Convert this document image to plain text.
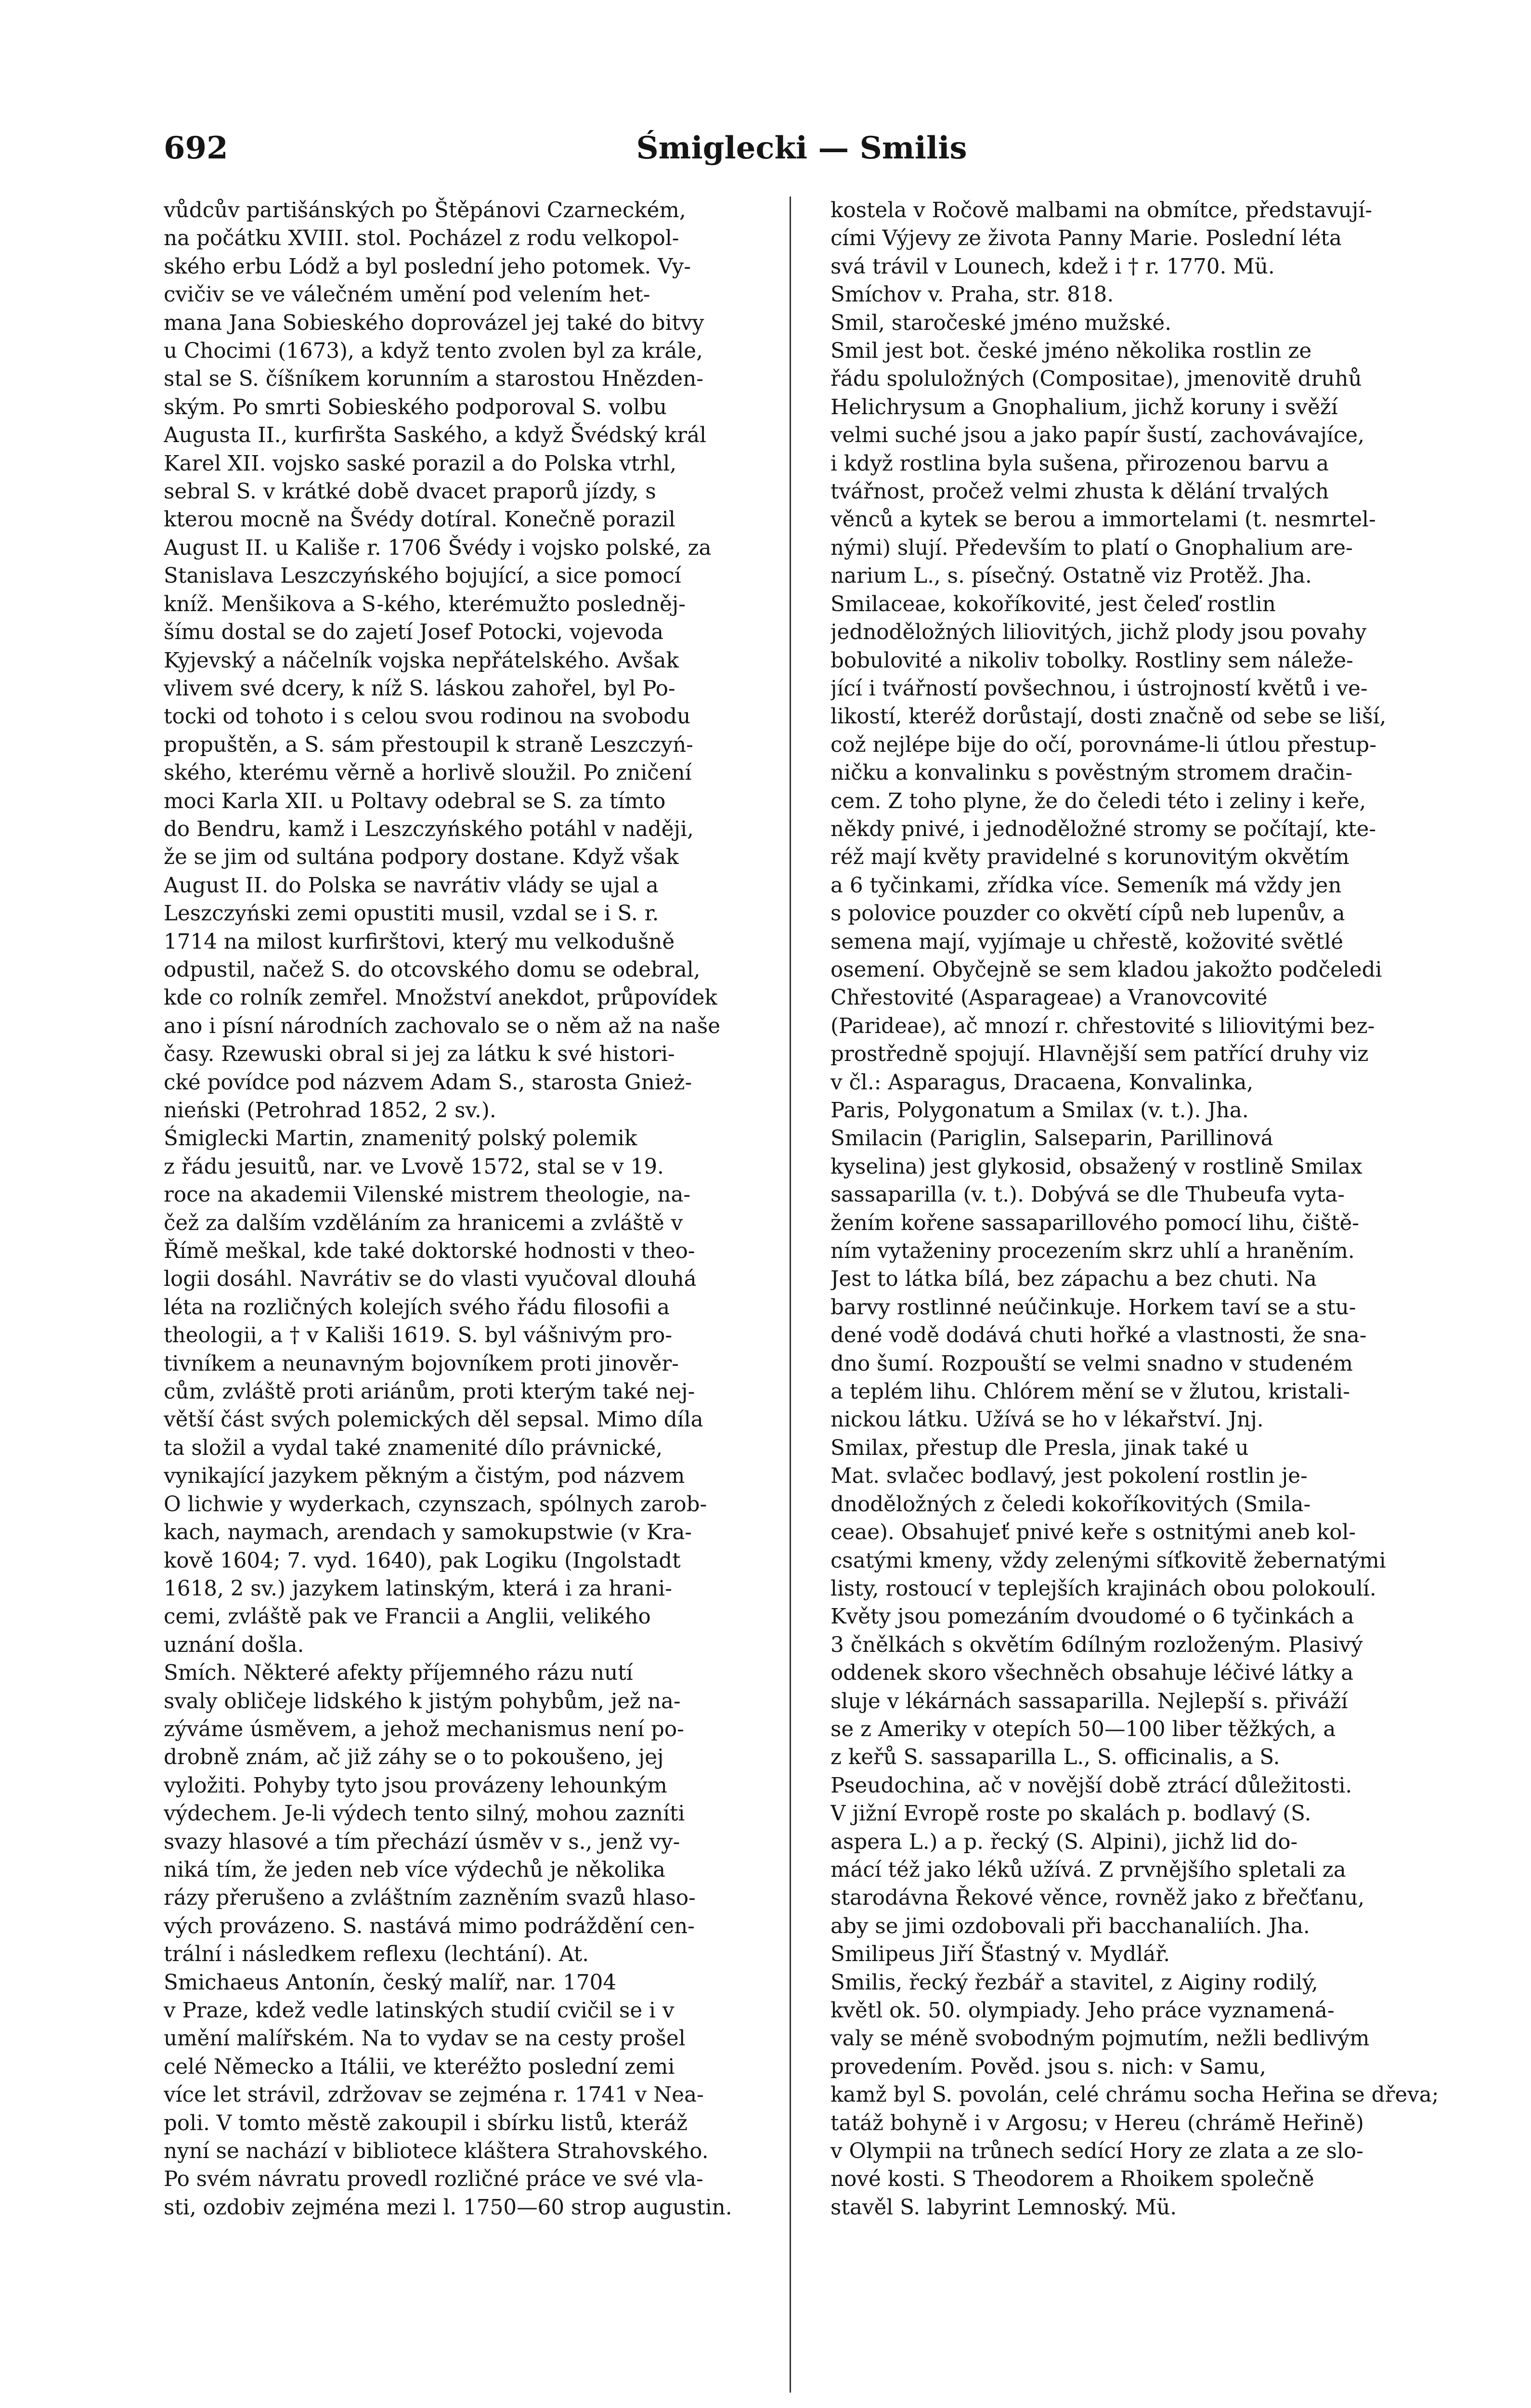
692	Śmiglecki — Smilis
vůdcův partišánských po Štěpánovi Czarneckém,
na počátku XVIII. stol. Pocházel z rodu velkopol-
ského erbu Lódž a byl poslední jeho potomek. Vy-
cvičiv se ve válečném umění pod velením het-
mana Jana Sobieského doprovázel jej také do bitvy
u Chocimi (1673), a když tento zvolen byl za krále,
stal se S. číšníkem korunním a starostou Hnězden-
ským. Po smrti Sobieského podporoval S. volbu
Augusta II., kurfiršta Saského, a když Švédský král
Karel XII. vojsko saské porazil a do Polska vtrhl,
sebral S. v krátké době dvacet praporů jízdy, s
kterou mocně na Švédy dotíral. Konečně porazil
August II. u Kališe r. 1706 Švédy i vojsko polské, za
Stanislava Leszczyńského bojující, a sice pomocí
kníž. Menšikova a S-kého, kterémužto posledněj-
šímu dostal se do zajetí Josef Potocki, vojevoda
Kyjevský a náčelník vojska nepřátelského. Avšak
vlivem své dcery, k níž S. láskou zahořel, byl Po-
tocki od tohoto i s celou svou rodinou na svobodu
propuštěn, a S. sám přestoupil k straně Leszczyń-
ského, kterému věrně a horlivě sloužil. Po zničení
moci Karla XII. u Poltavy odebral se S. za tímto
do Bendru, kamž i Leszczyńského potáhl v naději,
že se jim od sultána podpory dostane. Když však
August II. do Polska se navrátiv vlády se ujal a
Leszczyński zemi opustiti musil, vzdal se i S. r.
1714 na milost kurfirštovi, který mu velkodušně
odpustil, načež S. do otcovského domu se odebral,
kde co rolník zemřel. Množství anekdot, průpovídek
ano i písní národních zachovalo se o něm až na naše
časy. Rzewuski obral si jej za látku k své histori-
cké povídce pod názvem Adam S., starosta Gnież-
nieński (Petrohrad 1852, 2 sv.).
Śmiglecki Martin, znamenitý polský polemik
z řádu jesuitů, nar. ve Lvově 1572, stal se v 19.
roce na akademii Vilenské mistrem theologie, na-
čež za dalším vzděláním za hranicemi a zvláště v
Římě meškal, kde také doktorské hodnosti v theo-
logii dosáhl. Navrátiv se do vlasti vyučoval dlouhá
léta na rozličných kolejích svého řádu filosofii a
theologii, a † v Kališi 1619. S. byl vášnivým pro-
tivníkem a neunavným bojovníkem proti jinověr-
cům, zvláště proti ariánům, proti kterým také nej-
větší část svých polemických děl sepsal. Mimo díla
ta složil a vydal také znamenité dílo právnické,
vynikající jazykem pěkným a čistým, pod názvem
O lichwie y wyderkach, czynszach, spólnych zarob-
kach, naymach, arendach y samokupstwie (v Kra-
kově 1604; 7. vyd. 1640), pak Logiku (Ingolstadt
1618, 2 sv.) jazykem latinským, která i za hrani-
cemi, zvláště pak ve Francii a Anglii, velikého
uznání došla.
Smích. Některé afekty příjemného rázu nutí
svaly obličeje lidského k jistým pohybům, jež na-
zýváme úsměvem, a jehož mechanismus není po-
drobně znám, ač již záhy se o to pokoušeno, jej
vyložiti. Pohyby tyto jsou provázeny lehounkým
výdechem. Je-li výdech tento silný, mohou zazníti
svazy hlasové a tím přechází úsměv v s., jenž vy-
niká tím, že jeden neb více výdechů je několika
rázy přerušeno a zvláštním zazněním svazů hlaso-
vých provázeno. S. nastává mimo podráždění cen-
trální i následkem reflexu (lechtání). At.
Smichaeus Antonín, český malíř, nar. 1704
v Praze, kdež vedle latinských studií cvičil se i v
umění malířském. Na to vydav se na cesty prošel
celé Německo a Itálii, ve kteréžto poslední zemi
více let strávil, zdržovav se zejména r. 1741 v Nea-
poli. V tomto městě zakoupil i sbírku listů, kteráž
nyní se nachází v bibliotece kláštera Strahovského.
Po svém návratu provedl rozličné práce ve své vla-
sti, ozdobiv zejména mezi l. 1750—60 strop augustin.
kostela v Ročově malbami na obmítce, představují-
cími Výjevy ze života Panny Marie. Poslední léta
svá trávil v Lounech, kdež i † r. 1770. Mü.
Smíchov v. Praha, str. 818.
Smil, staročeské jméno mužské.
Smil jest bot. české jméno několika rostlin ze
řádu spoluložných (Compositae), jmenovitě druhů
Helichrysum a Gnophalium, jichž koruny i svěží
velmi suché jsou a jako papír šustí, zachovávajíce,
i když rostlina byla sušena, přirozenou barvu a
tvářnost, pročež velmi zhusta k dělání trvalých
věnců a kytek se berou a immortelami (t. nesmrtel-
nými) slují. Především to platí o Gnophalium are-
narium L., s. písečný. Ostatně viz Protěž. Jha.
Smilaceae, kokoříkovité, jest čeleď rostlin
jednoděložných liliovitých, jichž plody jsou povahy
bobulovité a nikoliv tobolky. Rostliny sem náleže-
jící i tvářností povšechnou, i ústrojností květů i ve-
likostí, kteréž dorůstají, dosti značně od sebe se liší,
což nejlépe bije do očí, porovnáme-li útlou přestup-
ničku a konvalinku s pověstným stromem dračin-
cem. Z toho plyne, že do čeledi této i zeliny i keře,
někdy pnivé, i jednoděložné stromy se počítají, kte-
réž mají květy pravidelné s korunovitým okvětím
a 6 tyčinkami, zřídka více. Semeník má vždy jen
s polovice pouzder co okvětí cípů neb lupenův, a
semena mají, vyjímaje u chřestě, kožovité světlé
osemení. Obyčejně se sem kladou jakožto podčeledi
Chřestovité (Asparageae) a Vranovcovité
(Parideae), ač mnozí r. chřestovité s liliovitými bez-
prostředně spojují. Hlavnější sem patřící druhy viz
v čl.: Asparagus, Dracaena, Konvalinka,
Paris, Polygonatum a Smilax (v. t.). Jha.
Smilacin (Pariglin, Salseparin, Parillinová
kyselina) jest glykosid, obsažený v rostlině Smilax
sassaparilla (v. t.). Dobývá se dle Thubeufa vyta-
žením kořene sassaparillového pomocí lihu, čiště-
ním vytaženiny procezením skrz uhlí a hraněním.
Jest to látka bílá, bez zápachu a bez chuti. Na
barvy rostlinné neúčinkuje. Horkem taví se a stu-
dené vodě dodává chuti hořké a vlastnosti, že sna-
dno šumí. Rozpouští se velmi snadno v studeném
a teplém lihu. Chlórem mění se v žlutou, kristali-
nickou látku. Užívá se ho v lékařství. Jnj.
Smilax, přestup dle Presla, jinak také u
Mat. svlačec bodlavý, jest pokolení rostlin je-
dnoděložných z čeledi kokoříkovitých (Smila-
ceae). Obsahujeť pnivé keře s ostnitými aneb kol-
csatými kmeny, vždy zelenými síťkovitě žebernatými
listy, rostoucí v teplejších krajinách obou polokoulí.
Květy jsou pomezáním dvoudomé o 6 tyčinkách a
3 čnělkách s okvětím 6dílným rozloženým. Plasivý
oddenek skoro všechněch obsahuje léčivé látky a
sluje v lékárnách sassaparilla. Nejlepší s. přiváží
se z Ameriky v otepích 50—100 liber těžkých, a
z keřů S. sassaparilla L., S. officinalis, a S.
Pseudochina, ač v novější době ztrácí důležitosti.
V jižní Evropě roste po skalách p. bodlavý (S.
aspera L.) a p. řecký (S. Alpini), jichž lid do-
mácí též jako léků užívá. Z prvnějšího spletali za
starodávna Řekové věnce, rovněž jako z břečťanu,
aby se jimi ozdobovali při bacchanaliích. Jha.
Smilipeus Jiří Šťastný v. Mydlář.
Smilis, řecký řezbář a stavitel, z Aiginy rodilý,
květl ok. 50. olympiady. Jeho práce vyznamená-
valy se méně svobodným pojmutím, nežli bedlivým
provedením. Pověd. jsou s. nich: v Samu,
kamž byl S. povolán, celé chrámu socha Heřina se dřeva;
tatáž bohyně i v Argosu; v Hereu (chrámě Heřině)
v Olympii na trůnech sedící Hory ze zlata a ze slo-
nové kosti. S Theodorem a Rhoikem společně
stavěl S. labyrint Lemnoský. Mü.
